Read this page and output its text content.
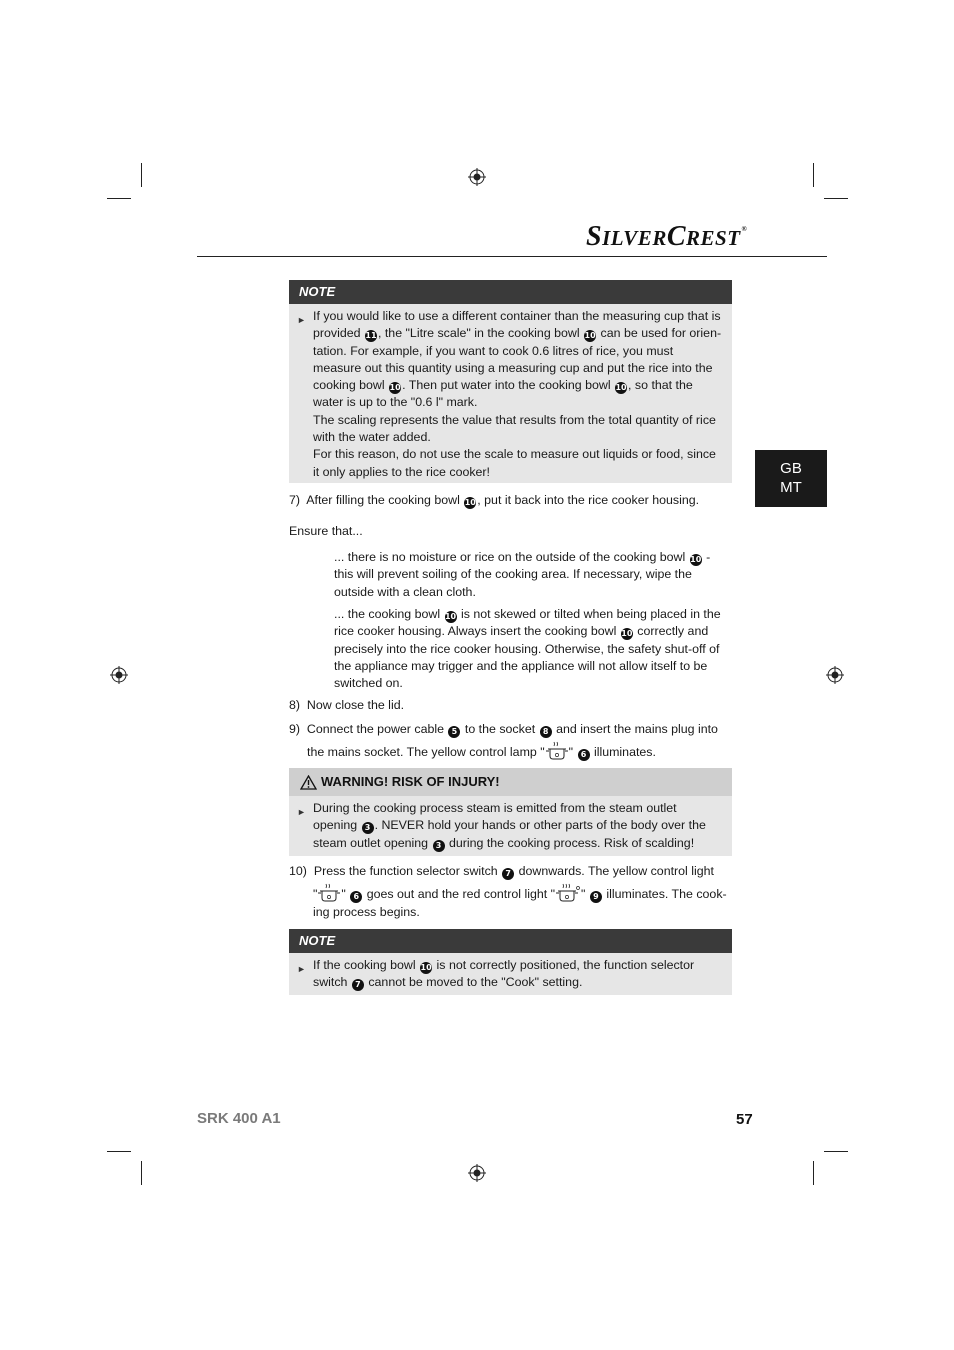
SILVERCREST®
GB
MT
NOTE
► If you would like to use a different container than the measuring cup that is provided 11, the "Litre scale" in the cooking bowl 10 can be used for orien-tation. For example, if you want to cook 0.6 litres of rice, you must measure out this quantity using a measuring cup and put the rice into the cooking bowl 10. Then put water into the cooking bowl 10, so that the water is up to the "0.6 l" mark.
The scaling represents the value that results from the total quantity of rice with the water added.
For this reason, do not use the scale to measure out liquids or food, since it only applies to the rice cooker!
7) After filling the cooking bowl 10, put it back into the rice cooker housing.
Ensure that...
... there is no moisture or rice on the outside of the cooking bowl 10 - this will prevent soiling of the cooking area. If necessary, wipe the outside with a clean cloth.
... the cooking bowl 10 is not skewed or tilted when being placed in the rice cooker housing. Always insert the cooking bowl 10 correctly and precisely into the rice cooker housing. Otherwise, the safety shut-off of the appliance may trigger and the appliance will not allow itself to be switched on.
8) Now close the lid.
9) Connect the power cable 5 to the socket 8 and insert the mains plug into
the mains socket. The yellow control lamp " " 6 illuminates.
WARNING! RISK OF INJURY!
► During the cooking process steam is emitted from the steam outlet opening 3 . NEVER hold your hands or other parts of the body over the steam outlet opening 3 during the cooking process. Risk of scalding!
10) Press the function selector switch 7 downwards. The yellow control light
" " 6 goes out and the red control light " " 9 illuminates. The cook-
ing process begins.
NOTE
► If the cooking bowl 10 is not correctly positioned, the function selector switch 7 cannot be moved to the "Cook" setting.
SRK 400 A1	57
